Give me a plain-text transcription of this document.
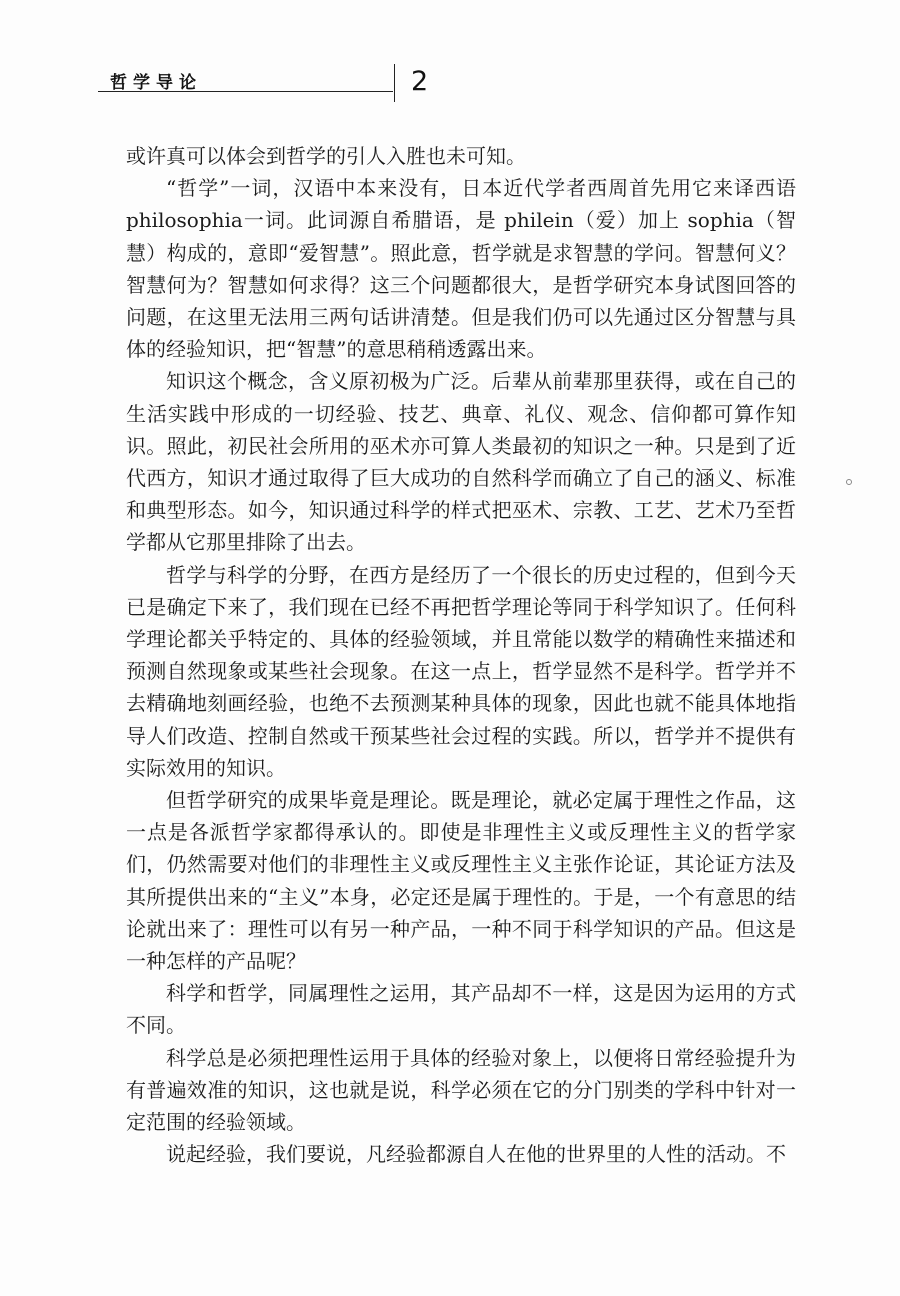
哲学导论	2

或许真可以体会到哲学的引人入胜也未可知。

“哲学”一词，汉语中本来没有，日本近代学者西周首先用它来译西语philosophia一词。此词源自希腊语，是 philein（爱）加上 sophia（智慧）构成的，意即“爱智慧”。照此意，哲学就是求智慧的学问。智慧何义？智慧何为？智慧如何求得？这三个问题都很大，是哲学研究本身试图回答的问题，在这里无法用三两句话讲清楚。但是我们仍可以先通过区分智慧与具体的经验知识，把“智慧”的意思稍稍透露出来。

知识这个概念，含义原初极为广泛。后辈从前辈那里获得，或在自己的生活实践中形成的一切经验、技艺、典章、礼仪、观念、信仰都可算作知识。照此，初民社会所用的巫术亦可算人类最初的知识之一种。只是到了近代西方，知识才通过取得了巨大成功的自然科学而确立了自己的涵义、标准和典型形态。如今，知识通过科学的样式把巫术、宗教、工艺、艺术乃至哲学都从它那里排除了出去。

哲学与科学的分野，在西方是经历了一个很长的历史过程的，但到今天已是确定下来了，我们现在已经不再把哲学理论等同于科学知识了。任何科学理论都关乎特定的、具体的经验领域，并且常能以数学的精确性来描述和预测自然现象或某些社会现象。在这一点上，哲学显然不是科学。哲学并不去精确地刻画经验，也绝不去预测某种具体的现象，因此也就不能具体地指导人们改造、控制自然或干预某些社会过程的实践。所以，哲学并不提供有实际效用的知识。

但哲学研究的成果毕竟是理论。既是理论，就必定属于理性之作品，这一点是各派哲学家都得承认的。即使是非理性主义或反理性主义的哲学家们，仍然需要对他们的非理性主义或反理性主义主张作论证，其论证方法及其所提供出来的“主义”本身，必定还是属于理性的。于是，一个有意思的结论就出来了：理性可以有另一种产品，一种不同于科学知识的产品。但这是一种怎样的产品呢？

科学和哲学，同属理性之运用，其产品却不一样，这是因为运用的方式不同。

科学总是必须把理性运用于具体的经验对象上，以便将日常经验提升为有普遍效准的知识，这也就是说，科学必须在它的分门别类的学科中针对一定范围的经验领域。

说起经验，我们要说，凡经验都源自人在他的世界里的人性的活动。不
